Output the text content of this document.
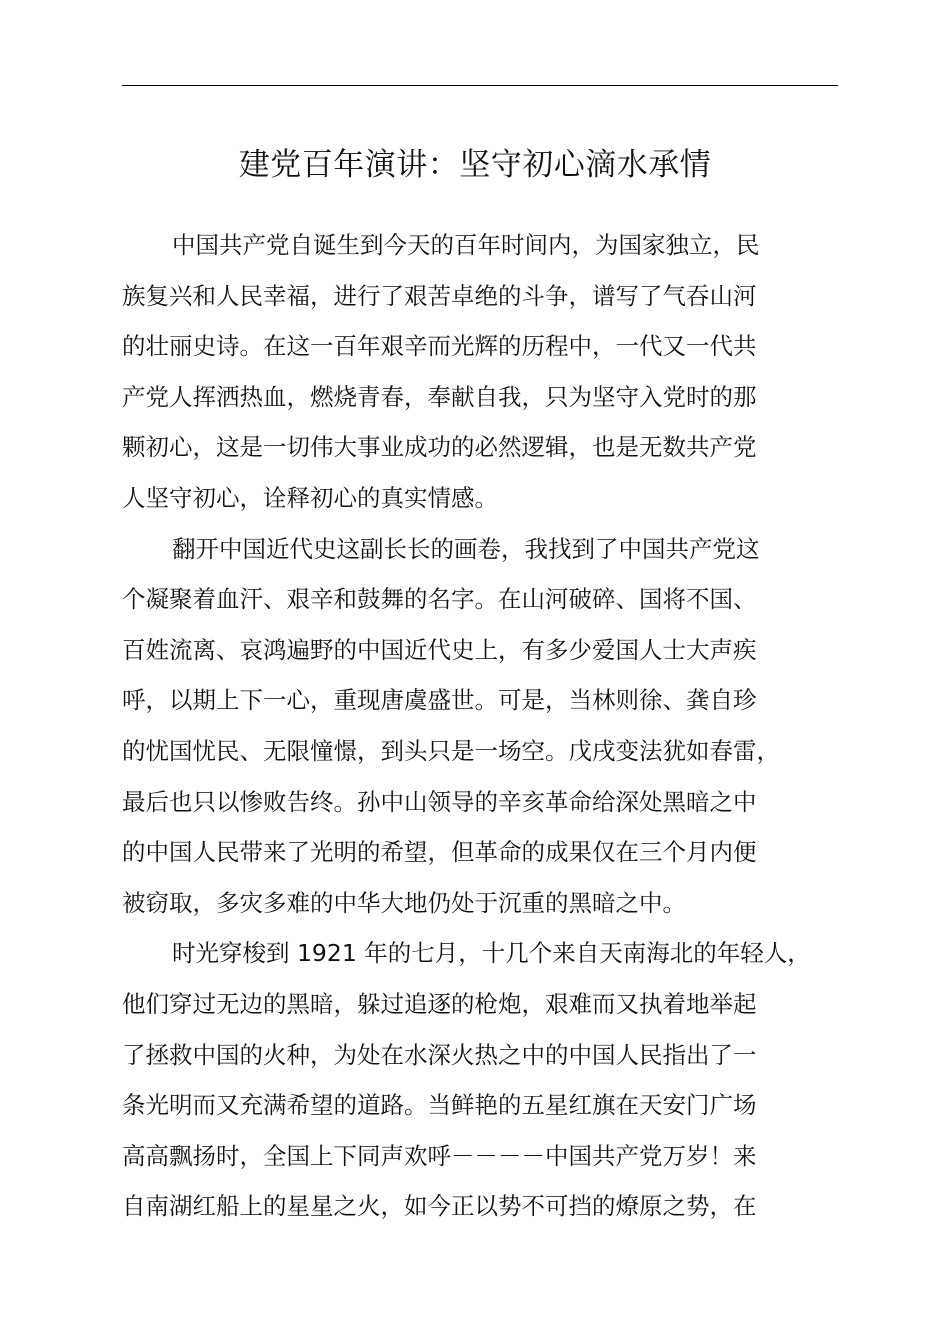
建党百年演讲：坚守初心滴水承情
中国共产党自诞生到今天的百年时间内，为国家独立，民
族复兴和人民幸福，进行了艰苦卓绝的斗争，谱写了气吞山河
的壮丽史诗。在这一百年艰辛而光辉的历程中，一代又一代共
产党人挥洒热血，燃烧青春，奉献自我，只为坚守入党时的那
颗初心，这是一切伟大事业成功的必然逻辑，也是无数共产党
人坚守初心，诠释初心的真实情感。
翻开中国近代史这副长长的画卷，我找到了中国共产党这
个凝聚着血汗、艰辛和鼓舞的名字。在山河破碎、国将不国、
百姓流离、哀鸿遍野的中国近代史上，有多少爱国人士大声疾
呼，以期上下一心，重现唐虞盛世。可是，当林则徐、龚自珍
的忧国忧民、无限憧憬，到头只是一场空。戊戌变法犹如春雷，
最后也只以惨败告终。孙中山领导的辛亥革命给深处黑暗之中
的中国人民带来了光明的希望，但革命的成果仅在三个月内便
被窃取，多灾多难的中华大地仍处于沉重的黑暗之中。
时光穿梭到 1921 年的七月，十几个来自天南海北的年轻人，
他们穿过无边的黑暗，躲过追逐的枪炮，艰难而又执着地举起
了拯救中国的火种，为处在水深火热之中的中国人民指出了一
条光明而又充满希望的道路。当鲜艳的五星红旗在天安门广场
高高飘扬时，全国上下同声欢呼－－－－中国共产党万岁！来
自南湖红船上的星星之火，如今正以势不可挡的燎原之势，在
